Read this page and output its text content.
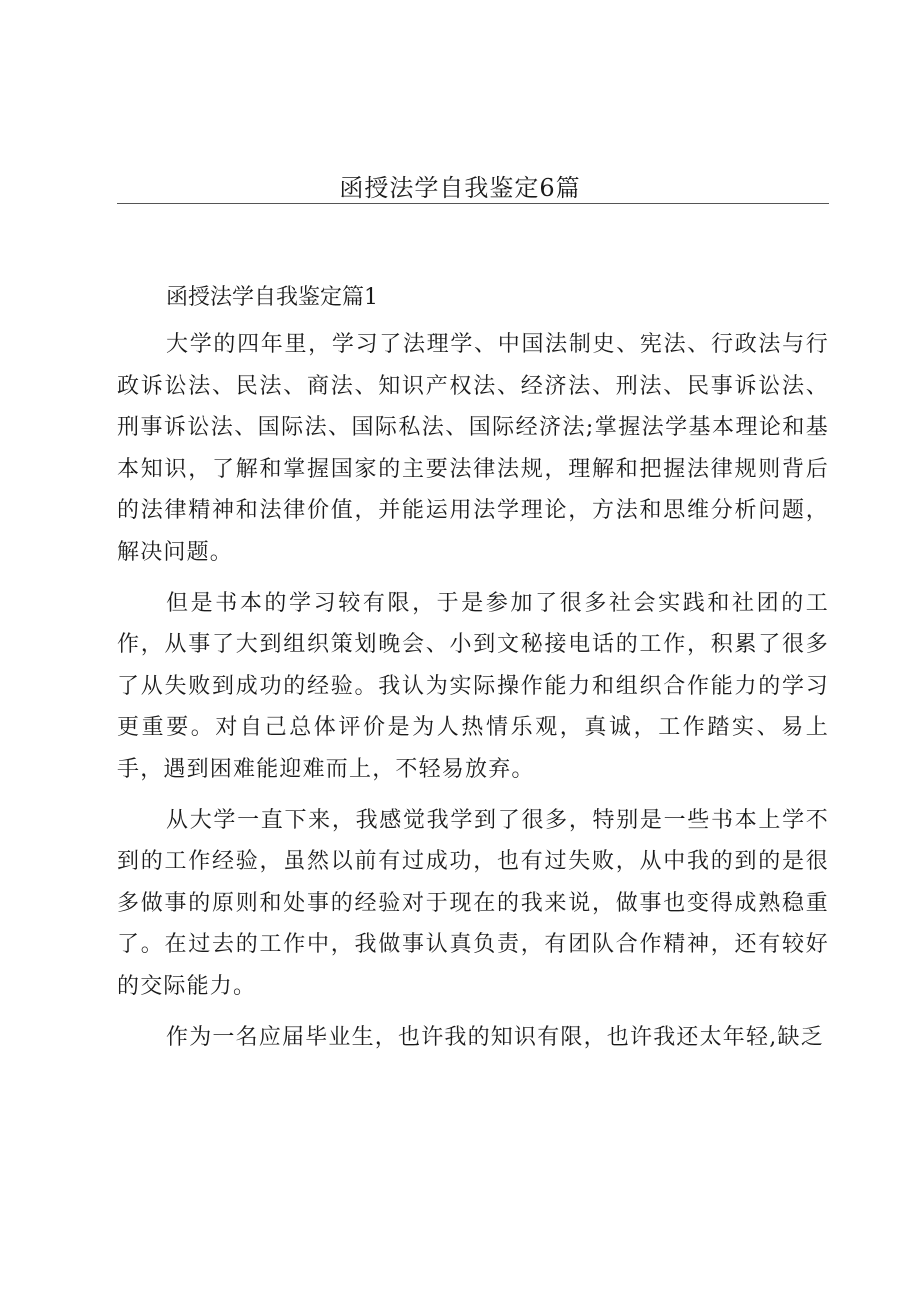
函授法学自我鉴定6篇
函授法学自我鉴定篇1

大学的四年里，学习了法理学、中国法制史、宪法、行政法与行政诉讼法、民法、商法、知识产权法、经济法、刑法、民事诉讼法、刑事诉讼法、国际法、国际私法、国际经济法;掌握法学基本理论和基本知识，了解和掌握国家的主要法律法规，理解和把握法律规则背后的法律精神和法律价值，并能运用法学理论，方法和思维分析问题，解决问题。

但是书本的学习较有限，于是参加了很多社会实践和社团的工作，从事了大到组织策划晚会、小到文秘接电话的工作，积累了很多了从失败到成功的经验。我认为实际操作能力和组织合作能力的学习更重要。对自己总体评价是为人热情乐观，真诚，工作踏实、易上手，遇到困难能迎难而上，不轻易放弃。

从大学一直下来，我感觉我学到了很多，特别是一些书本上学不到的工作经验，虽然以前有过成功，也有过失败，从中我的到的是很多做事的原则和处事的经验对于现在的我来说，做事也变得成熟稳重了。在过去的工作中，我做事认真负责，有团队合作精神，还有较好的交际能力。

作为一名应届毕业生，也许我的知识有限，也许我还太年轻,缺乏
